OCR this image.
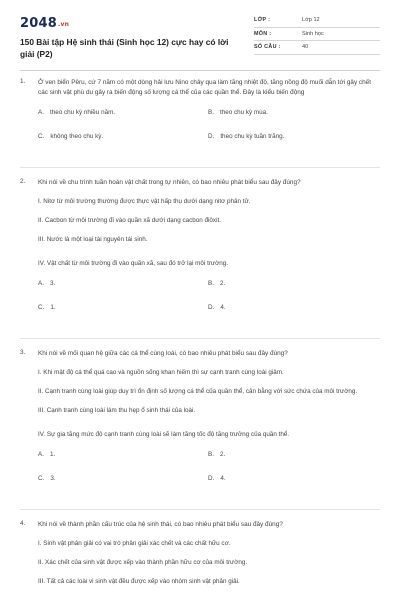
2048.vn
150 Bài tập Hệ sinh thái (Sinh học 12) cực hay có lời giải (P2)
LỚP :	Lớp 12
MÔN :	Sinh học
SỐ CÂU :	40
1. Ở ven biển Pêru, cứ 7 năm có một dòng hải lưu Nino chảy qua làm tăng nhiệt độ, tăng nồng độ muối dẫn tới gây chết các sinh vật phù du gây ra biến động số lượng cá thể của các quần thể. Đây là kiểu biến động
A. theo chu kỳ nhiều năm.	B. theo chu kỳ mùa.
C. không theo chu kỳ.	D. theo chu kỳ tuần trăng.
2. Khi nói về chu trình tuần hoàn vật chất trong tự nhiên, có bao nhiêu phát biểu sau đây đúng?
I. Nitơ từ môi trường thường được thực vật hấp thụ dưới dạng nitơ phân tử.
II. Cacbon từ môi trường đi vào quần xã dưới dạng cacbon điôxit.
III. Nước là một loại tài nguyên tái sinh.
IV. Vật chất từ môi trường đi vào quần xã, sau đó trở lại môi trường.
A. 3.	B. 2.
C. 1.	D. 4.
3. Khi nói về mối quan hệ giữa các cá thể cùng loài, có bao nhiêu phát biểu sau đây đúng?
I. Khi mật độ cá thể quá cao và nguồn sống khan hiếm thì sự cạnh tranh cùng loài giảm.
II. Cạnh tranh cùng loài giúp duy trì ổn định số lượng cá thể của quần thể, cân bằng với sức chứa của môi trường.
III. Cạnh tranh cùng loài làm thu hẹp ổ sinh thái của loài.
IV. Sự gia tăng mức độ cạnh tranh cùng loài sẽ làm tăng tốc độ tăng trưởng của quần thể.
A. 1.	B. 2.
C. 3.	D. 4.
4. Khi nói về thành phần cấu trúc của hệ sinh thái, có bao nhiêu phát biểu sau đây đúng?
I. Sinh vật phân giải có vai trò phân giải xác chết và các chất hữu cơ.
II. Xác chết của sinh vật được xếp vào thành phần hữu cơ của môi trường.
III. Tất cả các loài vi sinh vật đều được xếp vào nhóm sinh vật phân giải.
